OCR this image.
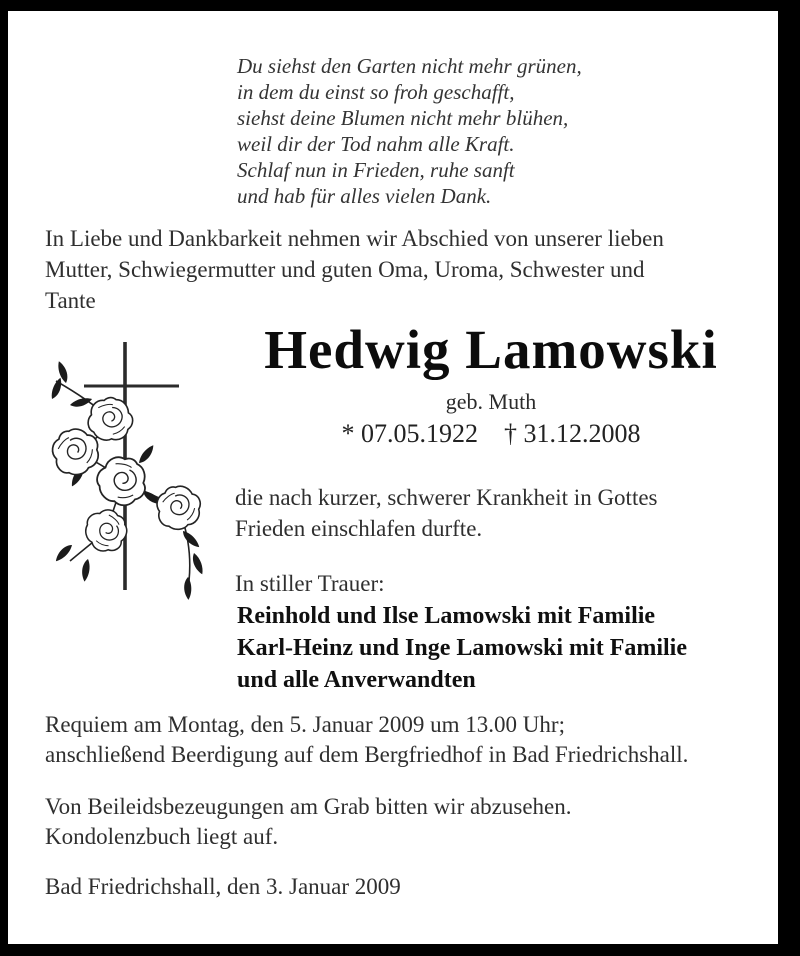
Du siehst den Garten nicht mehr grünen,
in dem du einst so froh geschafft,
siehst deine Blumen nicht mehr blühen,
weil dir der Tod nahm alle Kraft.
Schlaf nun in Frieden, ruhe sanft
und hab für alles vielen Dank.
In Liebe und Dankbarkeit nehmen wir Abschied von unserer lieben
Mutter, Schwiegermutter und guten Oma, Uroma, Schwester und
Tante
Hedwig Lamowski
geb. Muth
* 07.05.1922 † 31.12.2008
die nach kurzer, schwerer Krankheit in Gottes
Frieden einschlafen durfte.
In stiller Trauer:
Reinhold und Ilse Lamowski mit Familie
Karl-Heinz und Inge Lamowski mit Familie
und alle Anverwandten
Requiem am Montag, den 5. Januar 2009 um 13.00 Uhr;
anschließend Beerdigung auf dem Bergfriedhof in Bad Friedrichshall.
Von Beileidsbezeugungen am Grab bitten wir abzusehen.
Kondolenzbuch liegt auf.
Bad Friedrichshall, den 3. Januar 2009
